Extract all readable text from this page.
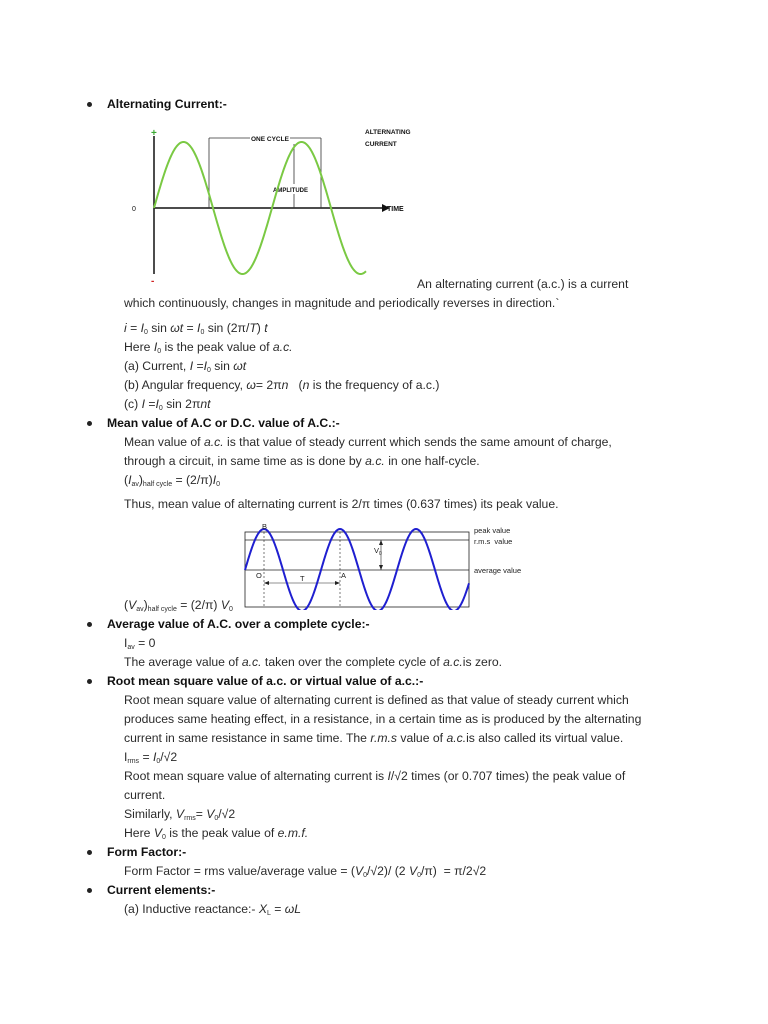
Alternating Current:-
+
-
0	TIME
ONE CYCLE
AMPLITUDE
ALTERNATING
CURRENT
An alternating current (a.c.) is a current
which continuously, changes in magnitude and periodically reverses in direction.`
$i = I_0$ $\sin \omega t = I_0$ sin (2π/T) t
Here $I_0$ is the peak value of a.c.
(a) Current, $I =I_0$ sin ωt
(b) Angular frequency, ω= 2πn   (n is the frequency of a.c.)
(c) $I =I_0$ sin 2πnt
Mean value of A.C or D.C. value of A.C.:-
Mean value of a.c. is that value of steady current which sends the same amount of charge,
through a circuit, in same time as is done by a.c. in one half-cycle.
$(I_{av})_{half cycle} = (2/\pi)I_0$
Thus, mean value of alternating current is 2/π times (0.637 times) its peak value.
B
O	T	A
$V_0$
peak value
r.m.s  value
average value
$(V_{av})_{half cycle} = (2/\pi)$ $V_0$
Average value of A.C. over a complete cycle:-
$I_{av} = 0$
The average value of a.c. taken over the complete cycle of a.c.is zero.
Root mean square value of a.c. or virtual value of a.c.:-
Root mean square value of alternating current is defined as that value of steady current which
produces same heating effect, in a resistance, in a certain time as is produced by the alternating
current in same resistance in same time. The r.m.s value of a.c.is also called its virtual value.
$I_{rms} = I_0/√2$
Root mean square value of alternating current is I/√2 times (or 0.707 times) the peak value of
current.
Similarly, $V_{rms}= V_0/√2$
Here $V_0$ is the peak value of e.m.f.
Form Factor:-
Form Factor = rms value/average value = $(V_0/√2)/$ (2 $V_0/\pi) = \pi/2√2$
Current elements:-
(a) Inductive reactance:- $X_L = \omega L$
